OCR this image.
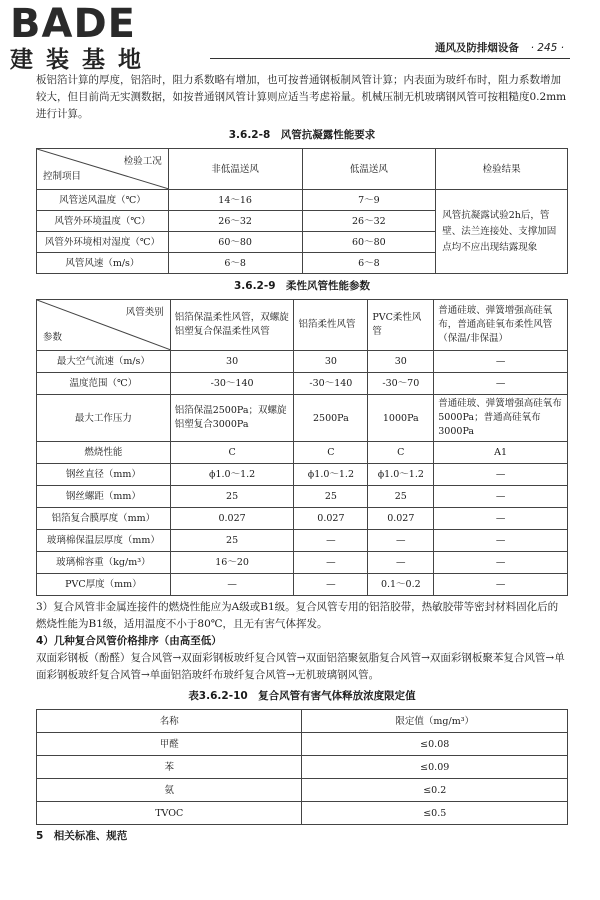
BADE
建装基地	通风及防排烟设备 · 245 ·

板铝箔计算的厚度，铝箔时，阻力系数略有增加，也可按普通钢板制风管计算；内表面为玻纤布时，阻力系数增加较大，但目前尚无实测数据，如按普通钢风管计算则应适当考虑裕量。机械压制无机玻璃钢风管可按粗糙度0.2mm进行计算。

3.6.2-8　风管抗凝露性能要求
检验工况
控制项目	非低温送风	低温送风	检验结果
风管送风温度（℃）	14～16	7～9	风管抗凝露试验2h后，管壁、法兰连接处、支撑加固点均不应出现结露现象
风管外环境温度（℃）	26～32	26～32	
风管外环境相对湿度（℃）	60～80	60～80	
风管风速（m/s）	6～8	6～8	
3.6.2-9　柔性风管性能参数
风管类别
参数	铝箔保温柔性风管，双螺旋铝塑复合保温柔性风管	铝箔柔性风管	PVC柔性风管	普通硅玻、弹簧增强高硅氧布，普通高硅氧布柔性风管（保温/非保温）
最大空气流速（m/s）	30	30	30	—
温度范围（℃）	-30～140	-30～140	-30～70	—
最大工作压力	铝箔保温2500Pa；双螺旋铝塑复合3000Pa	2500Pa	1000Pa	普通硅玻、弹簧增强高硅氧布5000Pa；普通高硅氧布3000Pa
燃烧性能	C	C	C	A1
钢丝直径（mm）	ϕ1.0～1.2	ϕ1.0～1.2	ϕ1.0～1.2	—
钢丝螺距（mm）	25	25	25	—
铝箔复合膜厚度（mm）	0.027	0.027	0.027	—
玻璃棉保温层厚度（mm）	25	—	—	—
玻璃棉容重（kg/m³）	16～20	—	—	—
PVC厚度（mm）	—	—	0.1～0.2	—

3）复合风管非金属连接件的燃烧性能应为A级或B1级。复合风管专用的铝箔胶带，热敏胶带等密封材料固化后的燃烧性能为B1级，适用温度不小于80℃，且无有害气体挥发。

4）几种复合风管价格排序（由高至低）

双面彩钢板（酚醛）复合风管→双面彩钢板玻纤复合风管→双面铝箔聚氨脂复合风管→双面彩钢板聚苯复合风管→单面彩钢板玻纤复合风管→单面铝箔玻纤布玻纤复合风管→无机玻璃钢风管。

表3.6.2-10　复合风管有害气体释放浓度限定值
名称	限定值（mg/m³）
甲醛	≤0.08
苯	≤0.09
氨	≤0.2
TVOC	≤0.5

5　相关标准、规范
